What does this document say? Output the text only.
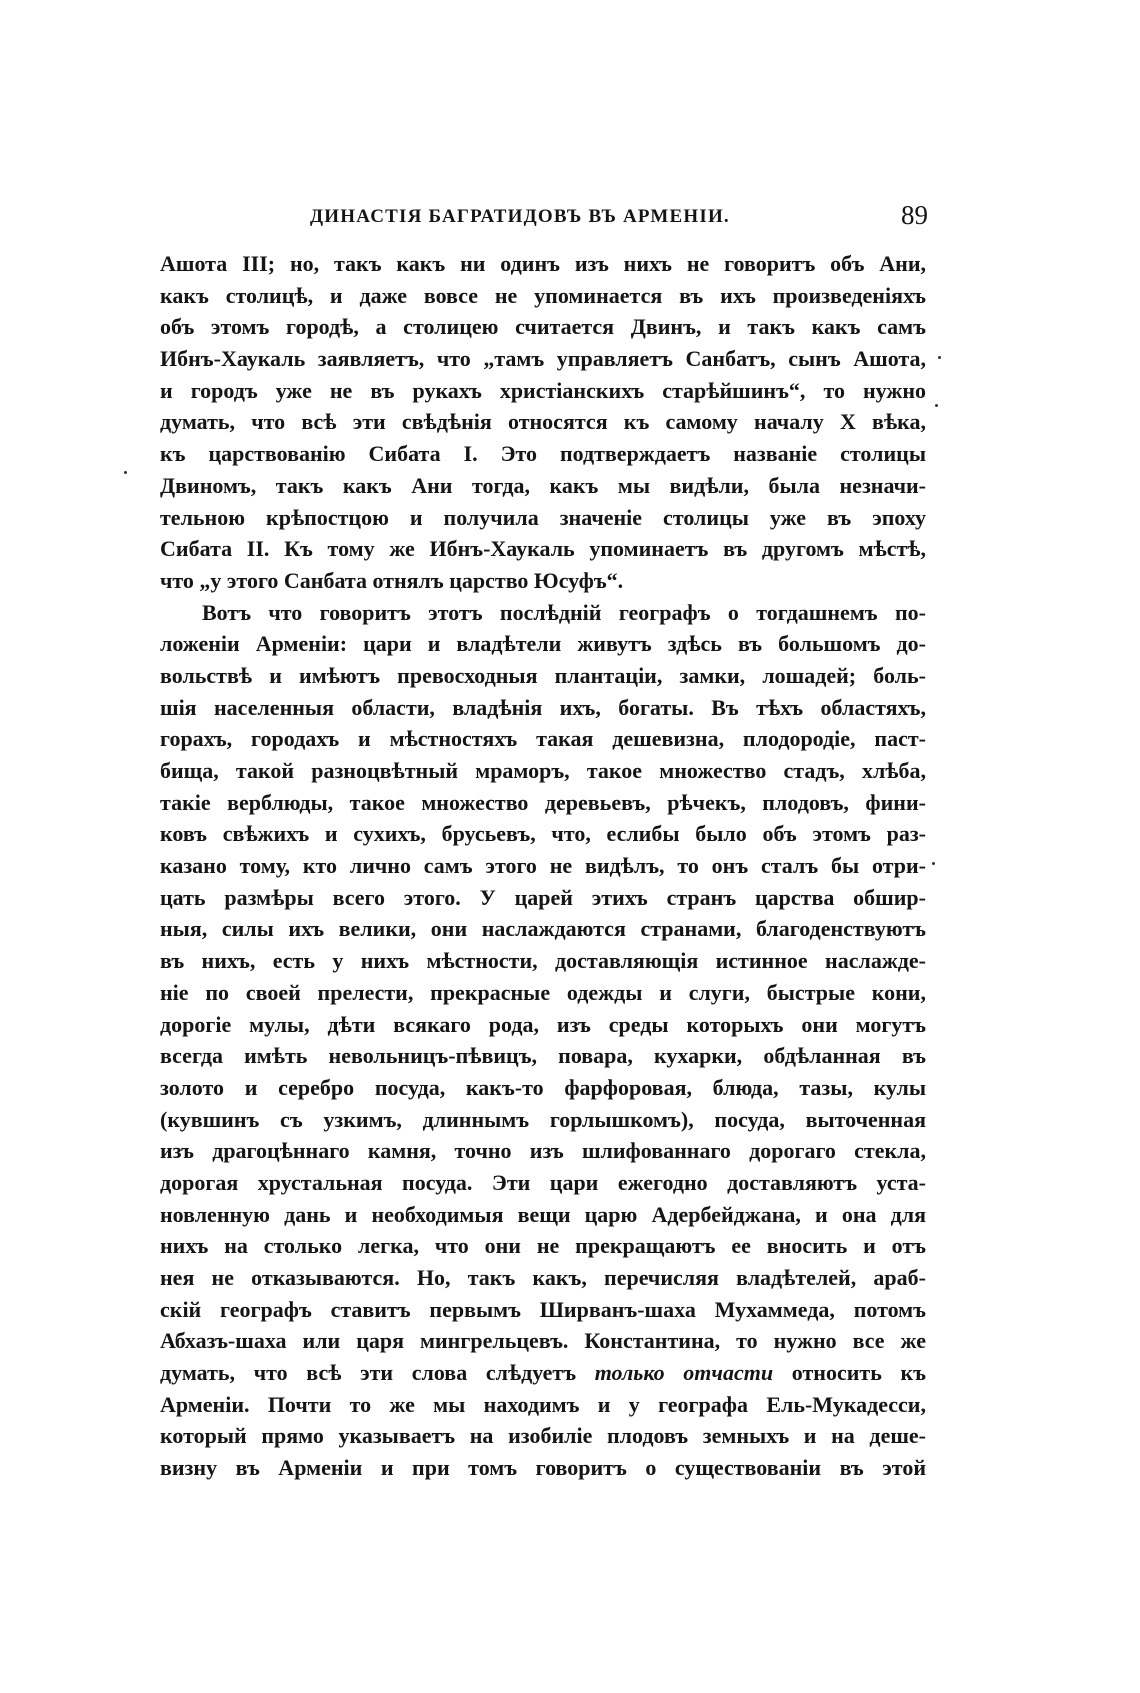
ДИНАСТІЯ БАГРАТИДОВЪ ВЪ АРМЕНІИ.	89
Ашота III; но, такъ какъ ни одинъ изъ нихъ не говоритъ объ Ани,
какъ столицѣ, и даже вовсе не упоминается въ ихъ произведеніяхъ
объ этомъ городѣ, а столицею считается Двинъ, и такъ какъ самъ
Ибнъ-Хаукаль заявляетъ, что „тамъ управляетъ Санбатъ, сынъ Ашота,
и городъ уже не въ рукахъ христіанскихъ старѣйшинъ“, то нужно
думать, что всѣ эти свѣдѣнія относятся къ самому началу X вѣка,
къ царствованію Сибата I. Это подтверждаетъ названіе столицы
Двиномъ, такъ какъ Ани тогда, какъ мы видѣли, была незначи-
тельною крѣпостцою и получила значеніе столицы уже въ эпоху
Сибата II. Къ тому же Ибнъ-Хаукаль упоминаетъ въ другомъ мѣстѣ,
что „у этого Санбата отнялъ царство Юсуфъ“.
Вотъ что говоритъ этотъ послѣдній географъ о тогдашнемъ по-
ложеніи Арменіи: цари и владѣтели живутъ здѣсь въ большомъ до-
вольствѣ и имѣютъ превосходныя плантаціи, замки, лошадей; боль-
шія населенныя области, владѣнія ихъ, богаты. Въ тѣхъ областяхъ,
горахъ, городахъ и мѣстностяхъ такая дешевизна, плодородіе, паст-
бища, такой разноцвѣтный мраморъ, такое множество стадъ, хлѣба,
такіе верблюды, такое множество деревьевъ, рѣчекъ, плодовъ, фини-
ковъ свѣжихъ и сухихъ, брусьевъ, что, еслибы было объ этомъ раз-
казано тому, кто лично самъ этого не видѣлъ, то онъ сталъ бы отри-
цать размѣры всего этого. У царей этихъ странъ царства обшир-
ныя, силы ихъ велики, они наслаждаются странами, благоденствуютъ
въ нихъ, есть у нихъ мѣстности, доставляющія истинное наслажде-
ніе по своей прелести, прекрасные одежды и слуги, быстрые кони,
дорогіе мулы, дѣти всякаго рода, изъ среды которыхъ они могутъ
всегда имѣть невольницъ-пѣвицъ, повара, кухарки, обдѣланная въ
золото и серебро посуда, какъ-то фарфоровая, блюда, тазы, кулы
(кувшинъ съ узкимъ, длиннымъ горлышкомъ), посуда, выточенная
изъ драгоцѣннаго камня, точно изъ шлифованнаго дорогаго стекла,
дорогая хрустальная посуда. Эти цари ежегодно доставляютъ уста-
новленную дань и необходимыя вещи царю Адербейджана, и она для
нихъ на столько легка, что они не прекращаютъ ее вносить и отъ
нея не отказываются. Но, такъ какъ, перечисляя владѣтелей, араб-
скій географъ ставитъ первымъ Ширванъ-шаха Мухаммеда, потомъ
Абхазъ-шаха или царя мингрельцевъ. Константина, то нужно все же
думать, что всѣ эти слова слѣдуетъ только отчасти относить къ
Арменіи. Почти то же мы находимъ и у географа Ель-Мукадесси,
который прямо указываетъ на изобиліе плодовъ земныхъ и на деше-
визну въ Арменіи и при томъ говоритъ о существованіи въ этой
